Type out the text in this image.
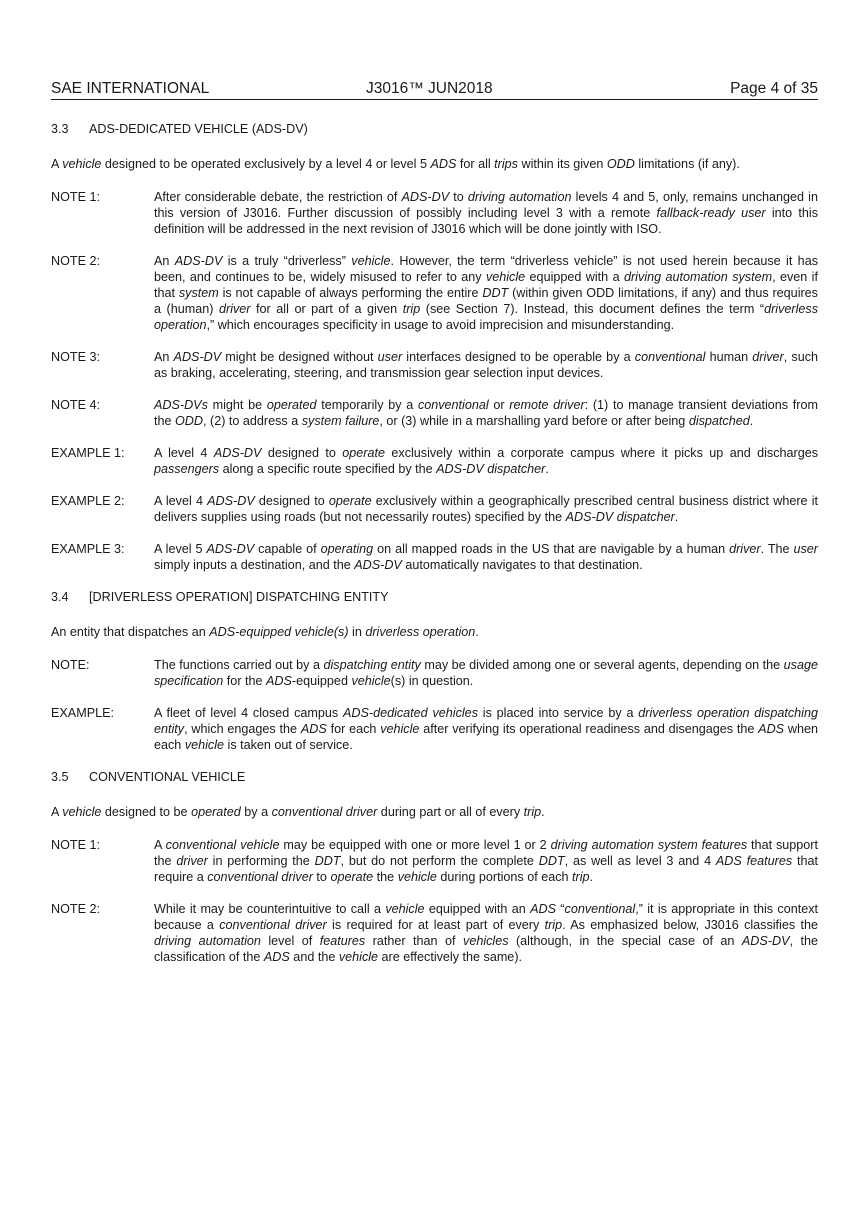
SAE INTERNATIONAL	J3016™ JUN2018	Page 4 of 35
3.3	ADS-DEDICATED VEHICLE (ADS-DV)
A vehicle designed to be operated exclusively by a level 4 or level 5 ADS for all trips within its given ODD limitations (if any).
NOTE 1:	After considerable debate, the restriction of ADS-DV to driving automation levels 4 and 5, only, remains unchanged in this version of J3016. Further discussion of possibly including level 3 with a remote fallback-ready user into this definition will be addressed in the next revision of J3016 which will be done jointly with ISO.
NOTE 2:	An ADS-DV is a truly “driverless” vehicle. However, the term “driverless vehicle” is not used herein because it has been, and continues to be, widely misused to refer to any vehicle equipped with a driving automation system, even if that system is not capable of always performing the entire DDT (within given ODD limitations, if any) and thus requires a (human) driver for all or part of a given trip (see Section 7). Instead, this document defines the term “driverless operation,” which encourages specificity in usage to avoid imprecision and misunderstanding.
NOTE 3:	An ADS-DV might be designed without user interfaces designed to be operable by a conventional human driver, such as braking, accelerating, steering, and transmission gear selection input devices.
NOTE 4:	ADS-DVs might be operated temporarily by a conventional or remote driver: (1) to manage transient deviations from the ODD, (2) to address a system failure, or (3) while in a marshalling yard before or after being dispatched.
EXAMPLE 1:	A level 4 ADS-DV designed to operate exclusively within a corporate campus where it picks up and discharges passengers along a specific route specified by the ADS-DV dispatcher.
EXAMPLE 2:	A level 4 ADS-DV designed to operate exclusively within a geographically prescribed central business district where it delivers supplies using roads (but not necessarily routes) specified by the ADS-DV dispatcher.
EXAMPLE 3:	A level 5 ADS-DV capable of operating on all mapped roads in the US that are navigable by a human driver. The user simply inputs a destination, and the ADS-DV automatically navigates to that destination.
3.4	[DRIVERLESS OPERATION] DISPATCHING ENTITY
An entity that dispatches an ADS-equipped vehicle(s) in driverless operation.
NOTE:	The functions carried out by a dispatching entity may be divided among one or several agents, depending on the usage specification for the ADS-equipped vehicle(s) in question.
EXAMPLE:	A fleet of level 4 closed campus ADS-dedicated vehicles is placed into service by a driverless operation dispatching entity, which engages the ADS for each vehicle after verifying its operational readiness and disengages the ADS when each vehicle is taken out of service.
3.5	CONVENTIONAL VEHICLE
A vehicle designed to be operated by a conventional driver during part or all of every trip.
NOTE 1:	A conventional vehicle may be equipped with one or more level 1 or 2 driving automation system features that support the driver in performing the DDT, but do not perform the complete DDT, as well as level 3 and 4 ADS features that require a conventional driver to operate the vehicle during portions of each trip.
NOTE 2:	While it may be counterintuitive to call a vehicle equipped with an ADS “conventional,” it is appropriate in this context because a conventional driver is required for at least part of every trip. As emphasized below, J3016 classifies the driving automation level of features rather than of vehicles (although, in the special case of an ADS-DV, the classification of the ADS and the vehicle are effectively the same).
